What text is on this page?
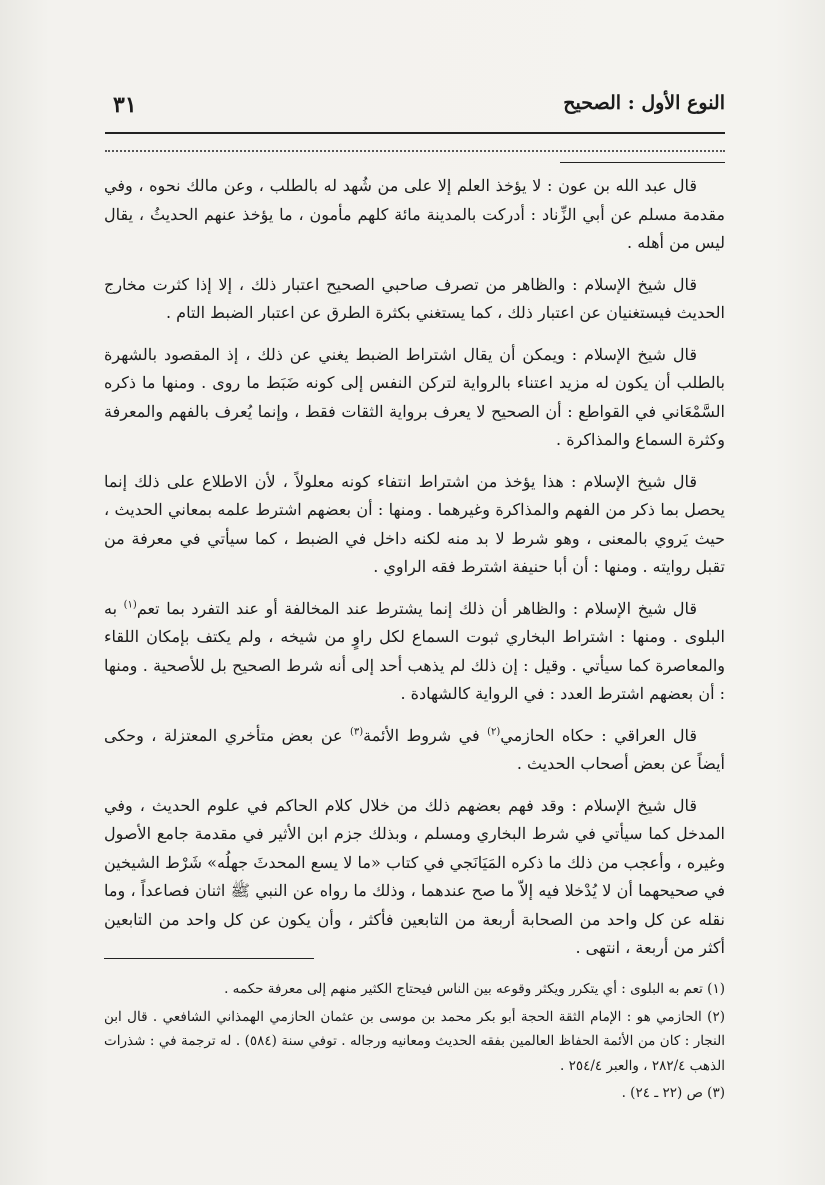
النوع الأول : الصحيح
٣١

قال عبد الله بن عون : لا يؤخذ العلم إلا على من شُهد له بالطلب ، وعن مالك نحوه ، وفي مقدمة مسلم عن أبي الزِّناد : أدركت بالمدينة مائة كلهم مأمون ، ما يؤخذ عنهم الحديثُ ، يقال ليس من أهله .

قال شيخ الإسلام : والظاهر من تصرف صاحبي الصحيح اعتبار ذلك ، إلا إذا كثرت مخارج الحديث فيستغنيان عن اعتبار ذلك ، كما يستغني بكثرة الطرق عن اعتبار الضبط التام .

قال شيخ الإسلام : ويمكن أن يقال اشتراط الضبط يغني عن ذلك ، إذ المقصود بالشهرة بالطلب أن يكون له مزيد اعتناء بالرواية لتركن النفس إلى كونه ضَبَط ما روى . ومنها ما ذكره السَّمْعَاني في القواطع : أن الصحيح لا يعرف برواية الثقات فقط ، وإنما يُعرف بالفهم والمعرفة وكثرة السماع والمذاكرة .

قال شيخ الإسلام : هذا يؤخذ من اشتراط انتفاء كونه معلولاً ، لأن الاطلاع على ذلك إنما يحصل بما ذكر من الفهم والمذاكرة وغيرهما . ومنها : أن بعضهم اشترط علمه بمعاني الحديث ، حيث يَروي بالمعنى ، وهو شرط لا بد منه لكنه داخل في الضبط ، كما سيأتي في معرفة من تقبل روايته . ومنها : أن أبا حنيفة اشترط فقه الراوي .

قال شيخ الإسلام : والظاهر أن ذلك إنما يشترط عند المخالفة أو عند التفرد بما تعم$^{(١)}$ به البلوى . ومنها : اشتراط البخاري ثبوت السماع لكل راوٍ من شيخه ، ولم يكتف بإمكان اللقاء والمعاصرة كما سيأتي . وقيل : إن ذلك لم يذهب أحد إلى أنه شرط الصحيح بل للأصحية . ومنها : أن بعضهم اشترط العدد : في الرواية كالشهادة .

قال العراقي : حكاه الحازمي$^{(٢)}$ في شروط الأئمة$^{(٣)}$ عن بعض متأخري المعتزلة ، وحكى أيضاً عن بعض أصحاب الحديث .

قال شيخ الإسلام : وقد فهم بعضهم ذلك من خلال كلام الحاكم في علوم الحديث ، وفي المدخل كما سيأتي في شرط البخاري ومسلم ، وبذلك جزم ابن الأثير في مقدمة جامع الأصول وغيره ، وأعجب من ذلك ما ذكره المَيَانَجي في كتاب «ما لا يسع المحدثَ جهلُه» شَرْط الشيخين في صحيحهما أن لا يُدْخلا فيه إلاّ ما صح عندهما ، وذلك ما رواه عن النبي ﷺ اثنان فصاعداً ، وما نقله عن كل واحد من الصحابة أربعة من التابعين فأكثر ، وأن يكون عن كل واحد من التابعين أكثر من أربعة ، انتهى .

(١) تعم به البلوى : أي يتكرر ويكثر وقوعه بين الناس فيحتاج الكثير منهم إلى معرفة حكمه .

(٢) الحازمي هو : الإمام الثقة الحجة أبو بكر محمد بن موسى بن عثمان الحازمي الهمذاني الشافعي . قال ابن النجار : كان من الأئمة الحفاظ العالمين بفقه الحديث ومعانيه ورجاله . توفي سنة (٥٨٤) . له ترجمة في : شذرات الذهب ٢٨٢/٤ ، والعبر ٢٥٤/٤ .

(٣) ص (٢٢ ـ ٢٤) .
